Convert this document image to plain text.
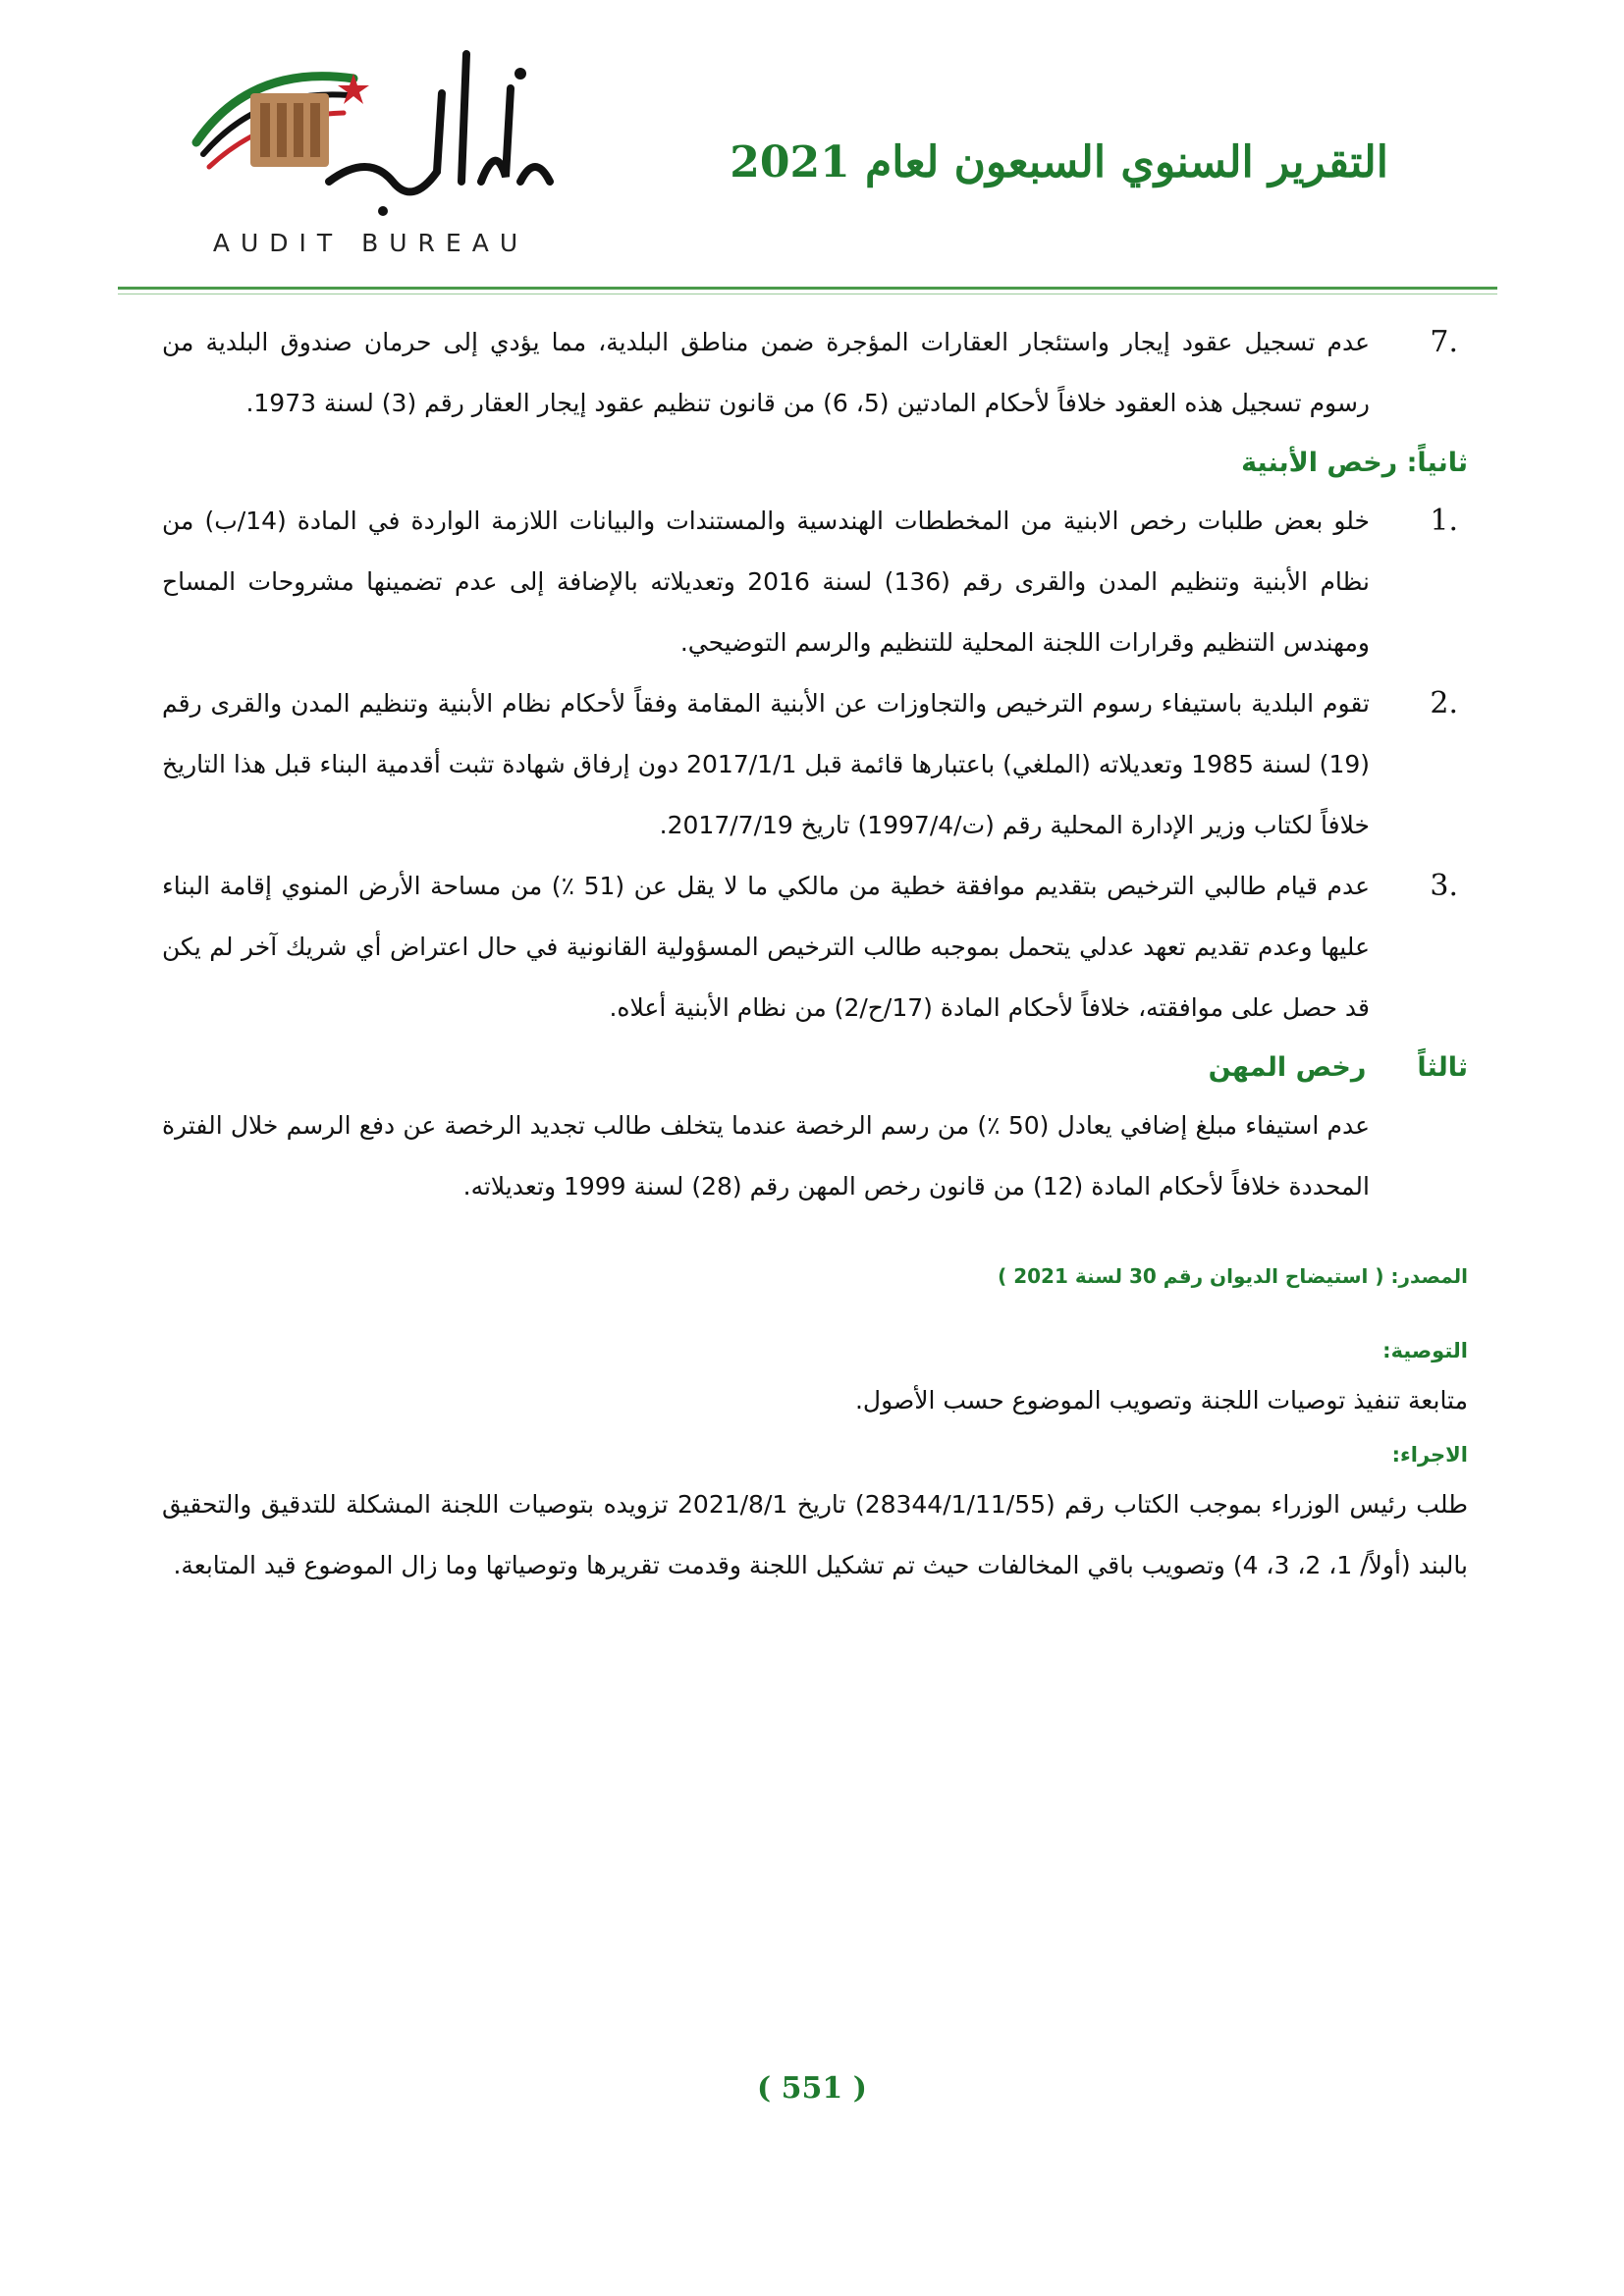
AUDIT BUREAU
التقرير السنوي السبعون لعام 2021
7.

عدم تسجيل عقود إيجار واستئجار العقارات المؤجرة ضمن مناطق البلدية، مما يؤدي إلى حرمان صندوق البلدية من رسوم تسجيل هذه العقود خلافاً لأحكام المادتين (5، 6) من قانون تنظيم عقود إيجار العقار رقم (3) لسنة 1973.

ثانياً: رخص الأبنية
1.

خلو بعض طلبات رخص الابنية من المخططات الهندسية والمستندات والبيانات اللازمة الواردة في المادة (14/ب) من نظام الأبنية وتنظيم المدن والقرى رقم (136) لسنة 2016 وتعديلاته بالإضافة إلى عدم تضمينها مشروحات المساح ومهندس التنظيم وقرارات اللجنة المحلية للتنظيم والرسم التوضيحي.

2.

تقوم البلدية باستيفاء رسوم الترخيص والتجاوزات عن الأبنية المقامة وفقاً لأحكام نظام الأبنية وتنظيم المدن والقرى رقم (19) لسنة 1985 وتعديلاته (الملغي) باعتبارها قائمة قبل 2017/1/1 دون إرفاق شهادة تثبت أقدمية البناء قبل هذا التاريخ خلافاً لكتاب وزير الإدارة المحلية رقم (ت/1997/4) تاريخ 2017/7/19.

3.

عدم قيام طالبي الترخيص بتقديم موافقة خطية من مالكي ما لا يقل عن (51 ٪) من مساحة الأرض المنوي إقامة البناء عليها وعدم تقديم تعهد عدلي يتحمل بموجبه طالب الترخيص المسؤولية القانونية في حال اعتراض أي شريك آخر لم يكن قد حصل على موافقته، خلافاً لأحكام المادة (17/ح/2) من نظام الأبنية أعلاه.

ثالثاًرخص المهن

عدم استيفاء مبلغ إضافي يعادل (50 ٪) من رسم الرخصة عندما يتخلف طالب تجديد الرخصة عن دفع الرسم خلال الفترة المحددة خلافاً لأحكام المادة (12) من قانون رخص المهن رقم (28) لسنة 1999 وتعديلاته.

المصدر: ( استيضاح الديوان رقم 30 لسنة 2021 )
التوصية:

متابعة تنفيذ توصيات اللجنة وتصويب الموضوع حسب الأصول.

الاجراء:

طلب رئيس الوزراء بموجب الكتاب رقم (28344/1/11/55) تاريخ 2021/8/1 تزويده بتوصيات اللجنة المشكلة للتدقيق والتحقيق بالبند (أولاً/ 1، 2، 3، 4) وتصويب باقي المخالفات حيث تم تشكيل اللجنة وقدمت تقريرها وتوصياتها وما زال الموضوع قيد المتابعة.

( 551 )
